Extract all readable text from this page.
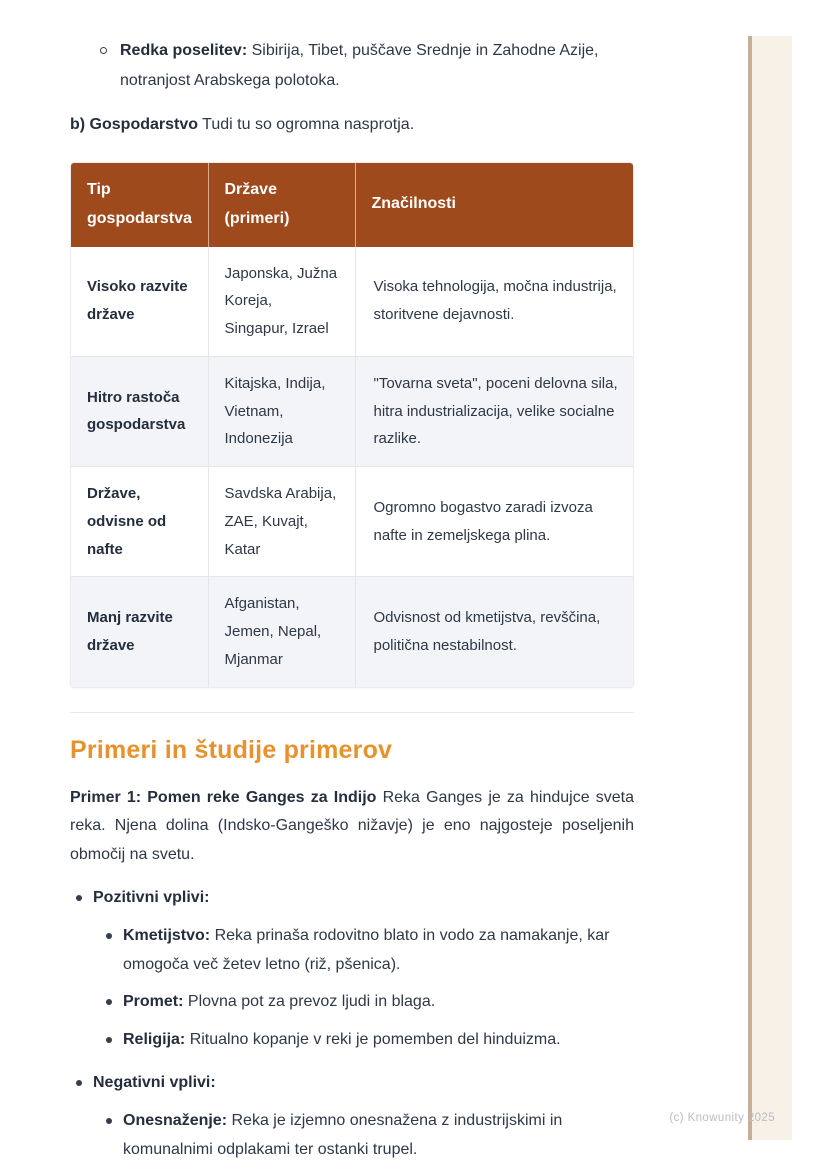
Redka poselitev: Sibirija, Tibet, puščave Srednje in Zahodne Azije, notranjost Arabskega polotoka.

b) Gospodarstvo Tudi tu so ogromna nasprotja.

Tip gospodarstva	Države (primeri)	Značilnosti
Visoko razvite države	Japonska, Južna Koreja, Singapur, Izrael	Visoka tehnologija, močna industrija, storitvene dejavnosti.
Hitro rastoča gospodarstva	Kitajska, Indija, Vietnam, Indonezija	"Tovarna sveta", poceni delovna sila, hitra industrializacija, velike socialne razlike.
Države, odvisne od nafte	Savdska Arabija, ZAE, Kuvajt, Katar	Ogromno bogastvo zaradi izvoza nafte in zemeljskega plina.
Manj razvite države	Afganistan, Jemen, Nepal, Mjanmar	Odvisnost od kmetijstva, revščina, politična nestabilnost.
Primeri in študije primerov

Primer 1: Pomen reke Ganges za Indijo Reka Ganges je za hindujce sveta reka. Njena dolina (Indsko-Gangeško nižavje) je eno najgosteje poseljenih območij na svetu.

Pozitivni vplivi:
Kmetijstvo: Reka prinaša rodovitno blato in vodo za namakanje, kar omogoča več žetev letno (riž, pšenica).
Promet: Plovna pot za prevoz ljudi in blaga.
Religija: Ritualno kopanje v reki je pomemben del hinduizma.
Negativni vplivi:
Onesnaženje: Reka je izjemno onesnažena z industrijskimi in komunalnimi odplakami ter ostanki trupel.
(c) Knowunity 2025
